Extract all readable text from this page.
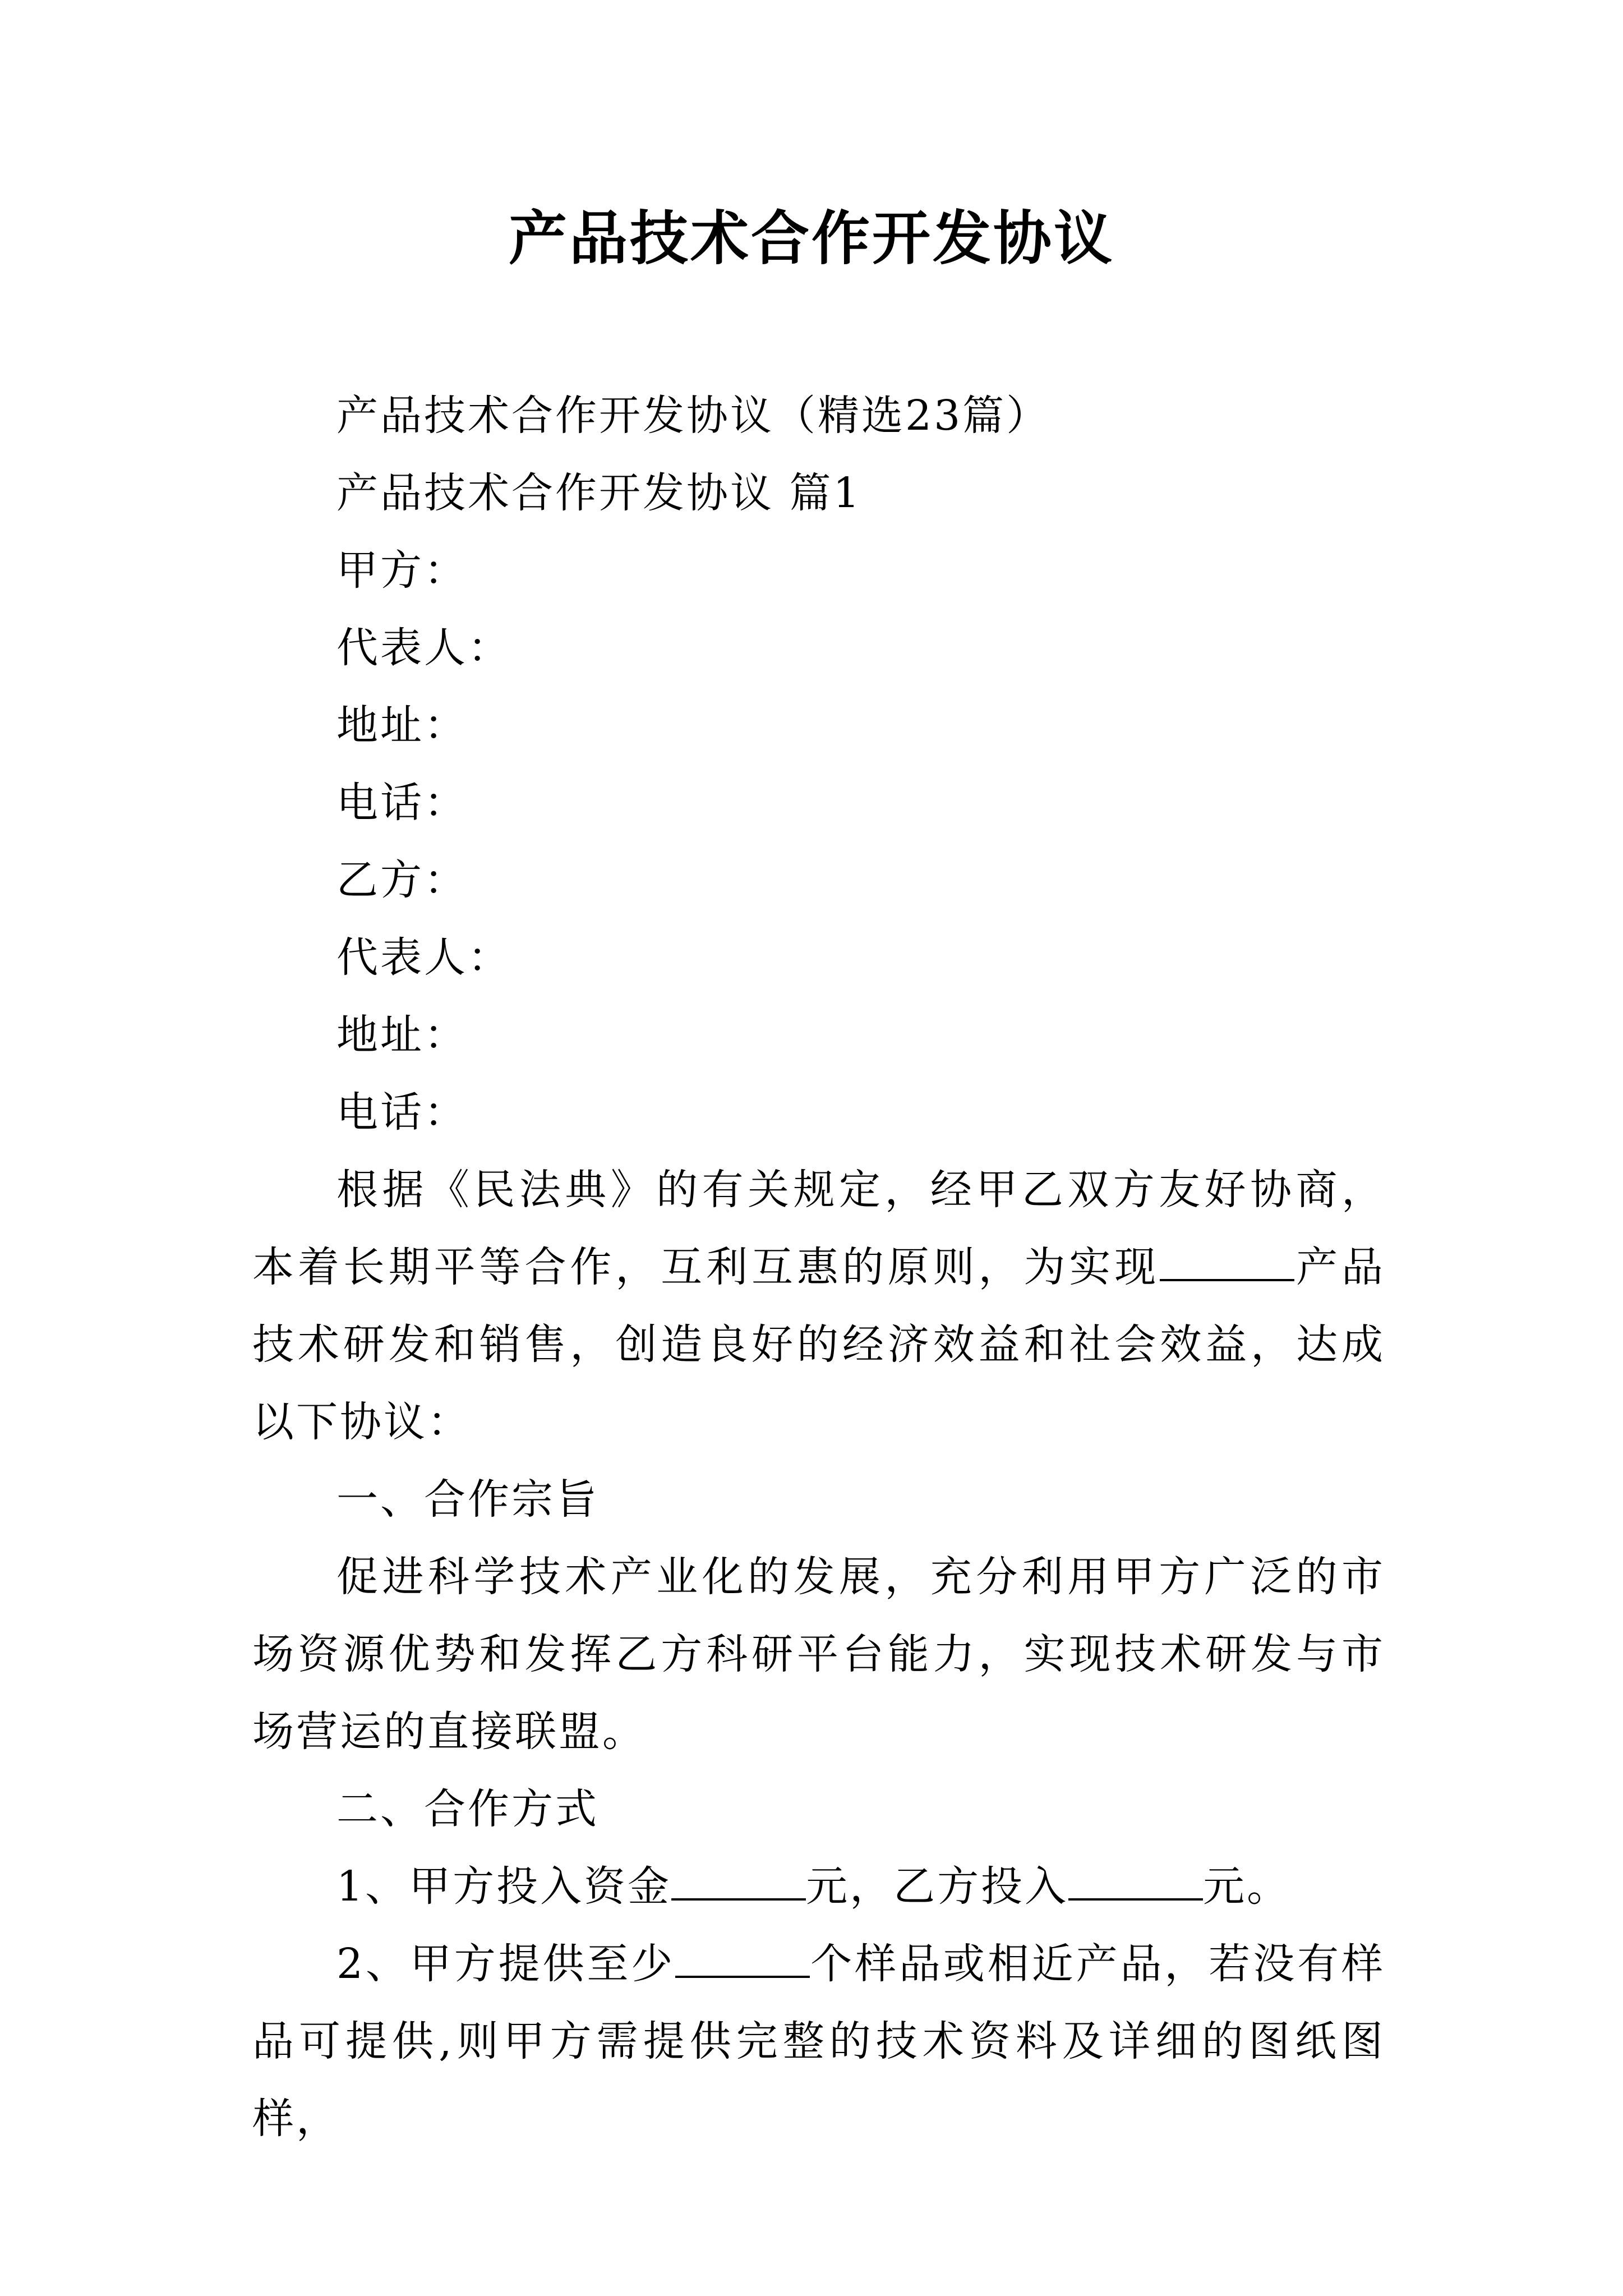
产品技术合作开发协议

产品技术合作开发协议（精选23篇）

产品技术合作开发协议 篇1

甲方：

代表人：

地址：

电话：

乙方：

代表人：

地址：

电话：

根据《民法典》的有关规定，经甲乙双方友好协商，本着长期平等合作，互利互惠的原则，为实现	产品技术研发和销售，创造良好的经济效益和社会效益，达成以下协议：

一、合作宗旨

促进科学技术产业化的发展，充分利用甲方广泛的市场资源优势和发挥乙方科研平台能力，实现技术研发与市场营运的直接联盟。

二、合作方式

1、甲方投入资金	元，乙方投入	元。

2、甲方提供至少	个样品或相近产品，若没有样品可提供,则甲方需提供完整的技术资料及详细的图纸图样，
